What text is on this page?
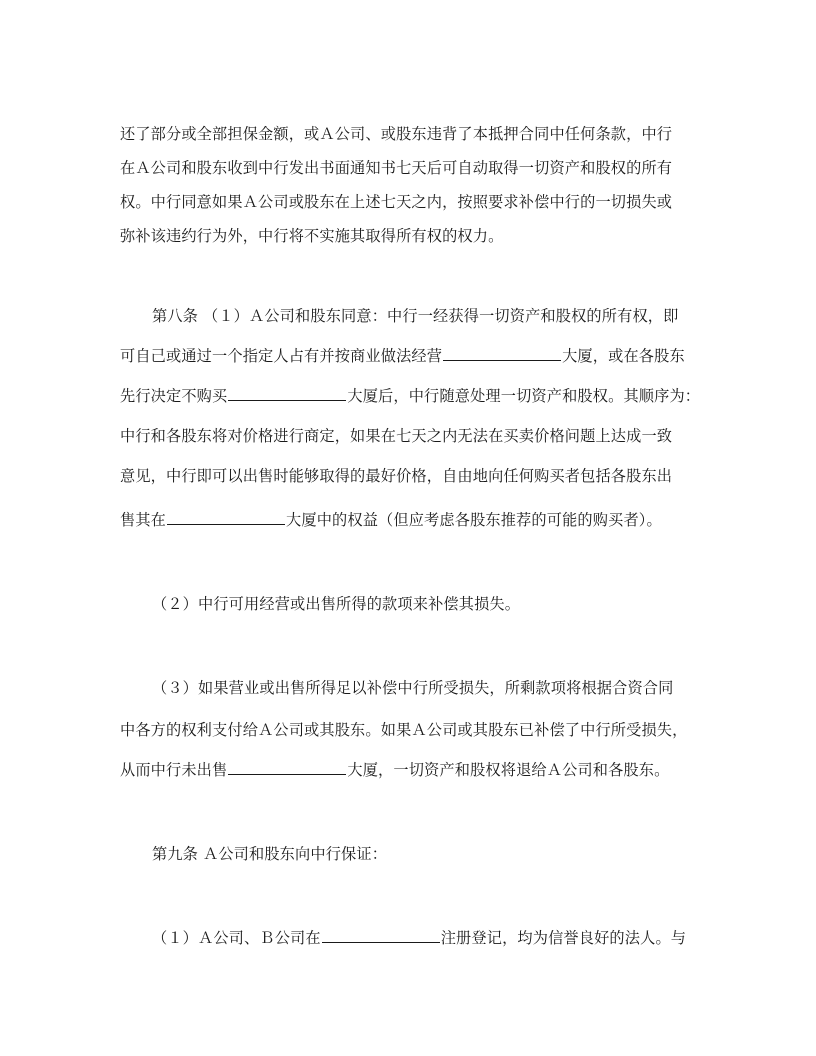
还了部分或全部担保金额，或Ａ公司、或股东违背了本抵押合同中任何条款，中行
在Ａ公司和股东收到中行发出书面通知书七天后可自动取得一切资产和股权的所有
权。中行同意如果Ａ公司或股东在上述七天之内，按照要求补偿中行的一切损失或
弥补该违约行为外，中行将不实施其取得所有权的权力。
第八条 （１）Ａ公司和股东同意：中行一经获得一切资产和股权的所有权，即
可自己或通过一个指定人占有并按商业做法经营	大厦，或在各股东
先行决定不购买	大厦后，中行随意处理一切资产和股权。其顺序为：
中行和各股东将对价格进行商定，如果在七天之内无法在买卖价格问题上达成一致
意见，中行即可以出售时能够取得的最好价格，自由地向任何购买者包括各股东出
售其在	大厦中的权益（但应考虑各股东推荐的可能的购买者）。
（２）中行可用经营或出售所得的款项来补偿其损失。
（３）如果营业或出售所得足以补偿中行所受损失，所剩款项将根据合资合同
中各方的权利支付给Ａ公司或其股东。如果Ａ公司或其股东已补偿了中行所受损失，
从而中行未出售	大厦，一切资产和股权将退给Ａ公司和各股东。
第九条 Ａ公司和股东向中行保证：
（１）Ａ公司、Ｂ公司在	注册登记，均为信誉良好的法人。与
